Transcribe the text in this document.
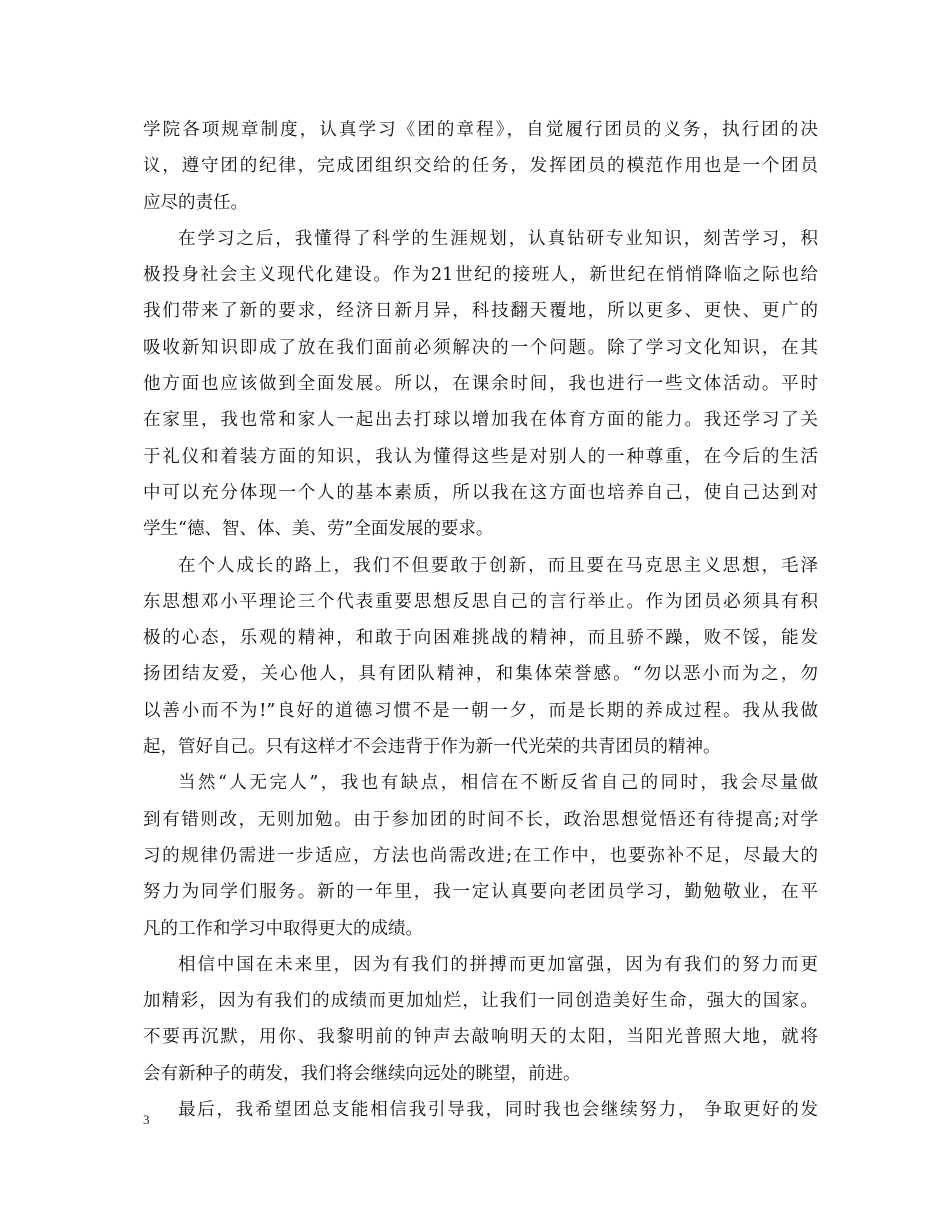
学院各项规章制度，认真学习《团的章程》，自觉履行团员的义务，执行团的决
议，遵守团的纪律，完成团组织交给的任务，发挥团员的模范作用也是一个团员
应尽的责任。
在学习之后，我懂得了科学的生涯规划，认真钻研专业知识，刻苦学习，积
极投身社会主义现代化建设。作为21世纪的接班人，新世纪在悄悄降临之际也给
我们带来了新的要求，经济日新月异，科技翻天覆地，所以更多、更快、更广的
吸收新知识即成了放在我们面前必须解决的一个问题。除了学习文化知识，在其
他方面也应该做到全面发展。所以，在课余时间，我也进行一些文体活动。平时
在家里，我也常和家人一起出去打球以增加我在体育方面的能力。我还学习了关
于礼仪和着装方面的知识，我认为懂得这些是对别人的一种尊重，在今后的生活
中可以充分体现一个人的基本素质，所以我在这方面也培养自己，使自己达到对
学生“德、智、体、美、劳”全面发展的要求。
在个人成长的路上，我们不但要敢于创新，而且要在马克思主义思想，毛泽
东思想邓小平理论三个代表重要思想反思自己的言行举止。作为团员必须具有积
极的心态，乐观的精神，和敢于向困难挑战的精神，而且骄不躁，败不馁，能发
扬团结友爱，关心他人，具有团队精神，和集体荣誉感。“勿以恶小而为之，勿
以善小而不为!”良好的道德习惯不是一朝一夕，而是长期的养成过程。我从我做
起，管好自己。只有这样才不会违背于作为新一代光荣的共青团员的精神。
当然“人无完人”，我也有缺点，相信在不断反省自己的同时，我会尽量做
到有错则改，无则加勉。由于参加团的时间不长，政治思想觉悟还有待提高;对学
习的规律仍需进一步适应，方法也尚需改进;在工作中，也要弥补不足，尽最大的
努力为同学们服务。新的一年里，我一定认真要向老团员学习，勤勉敬业，在平
凡的工作和学习中取得更大的成绩。
相信中国在未来里，因为有我们的拼搏而更加富强，因为有我们的努力而更
加精彩，因为有我们的成绩而更加灿烂，让我们一同创造美好生命，强大的国家。
不要再沉默，用你、我黎明前的钟声去敲响明天的太阳，当阳光普照大地，就将
会有新种子的萌发，我们将会继续向远处的眺望，前进。
最后，我希望团总支能相信我引导我，同时我也会继续努力， 争取更好的发
3
